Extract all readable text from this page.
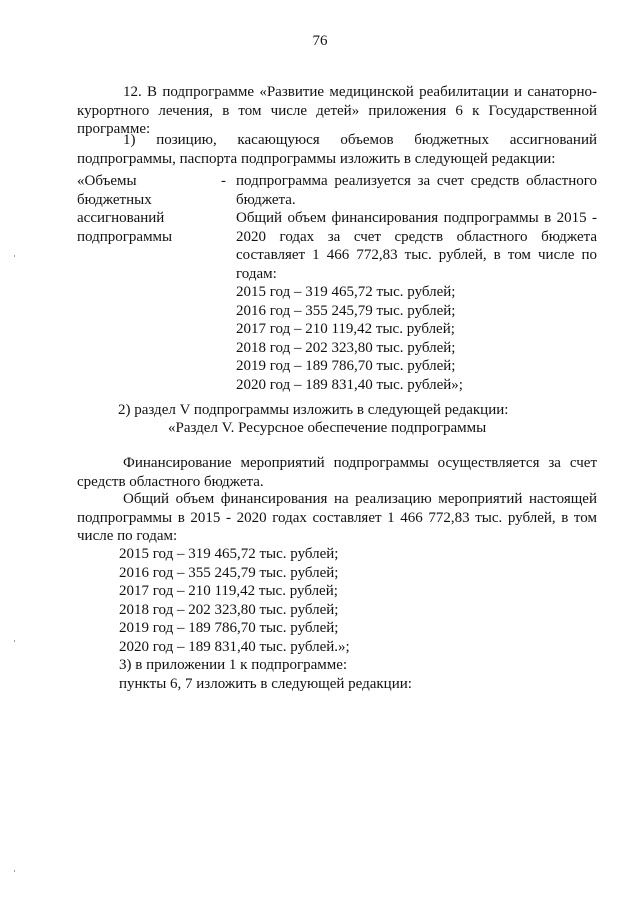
76
12. В подпрограмме «Развитие медицинской реабилитации и санаторно-курортного лечения, в том числе детей» приложения 6 к Государственной программе:
1) позицию, касающуюся объемов бюджетных ассигнований подпрограммы, паспорта подпрограммы изложить в следующей редакции:
«Объемы
бюджетных
ассигнований
подпрограммы
- подпрограмма реализуется за счет средств областного бюджета.
Общий объем финансирования подпрограммы в 2015 - 2020 годах за счет средств областного бюджета составляет 1 466 772,83 тыс. рублей, в том числе по годам:
2015 год – 319 465,72 тыс. рублей;
2016 год – 355 245,79 тыс. рублей;
2017 год – 210 119,42 тыс. рублей;
2018 год – 202 323,80 тыс. рублей;
2019 год – 189 786,70 тыс. рублей;
2020 год – 189 831,40 тыс. рублей»;
2) раздел V подпрограммы изложить в следующей редакции:
«Раздел V. Ресурсное обеспечение подпрограммы
Финансирование мероприятий подпрограммы осуществляется за счет средств областного бюджета.
Общий объем финансирования на реализацию мероприятий настоящей подпрограммы в 2015 - 2020 годах составляет 1 466 772,83 тыс. рублей, в том числе по годам:
2015 год – 319 465,72 тыс. рублей;
2016 год – 355 245,79 тыс. рублей;
2017 год – 210 119,42 тыс. рублей;
2018 год – 202 323,80 тыс. рублей;
2019 год – 189 786,70 тыс. рублей;
2020 год – 189 831,40 тыс. рублей.»;
3) в приложении 1 к подпрограмме:
пункты 6, 7 изложить в следующей редакции:
